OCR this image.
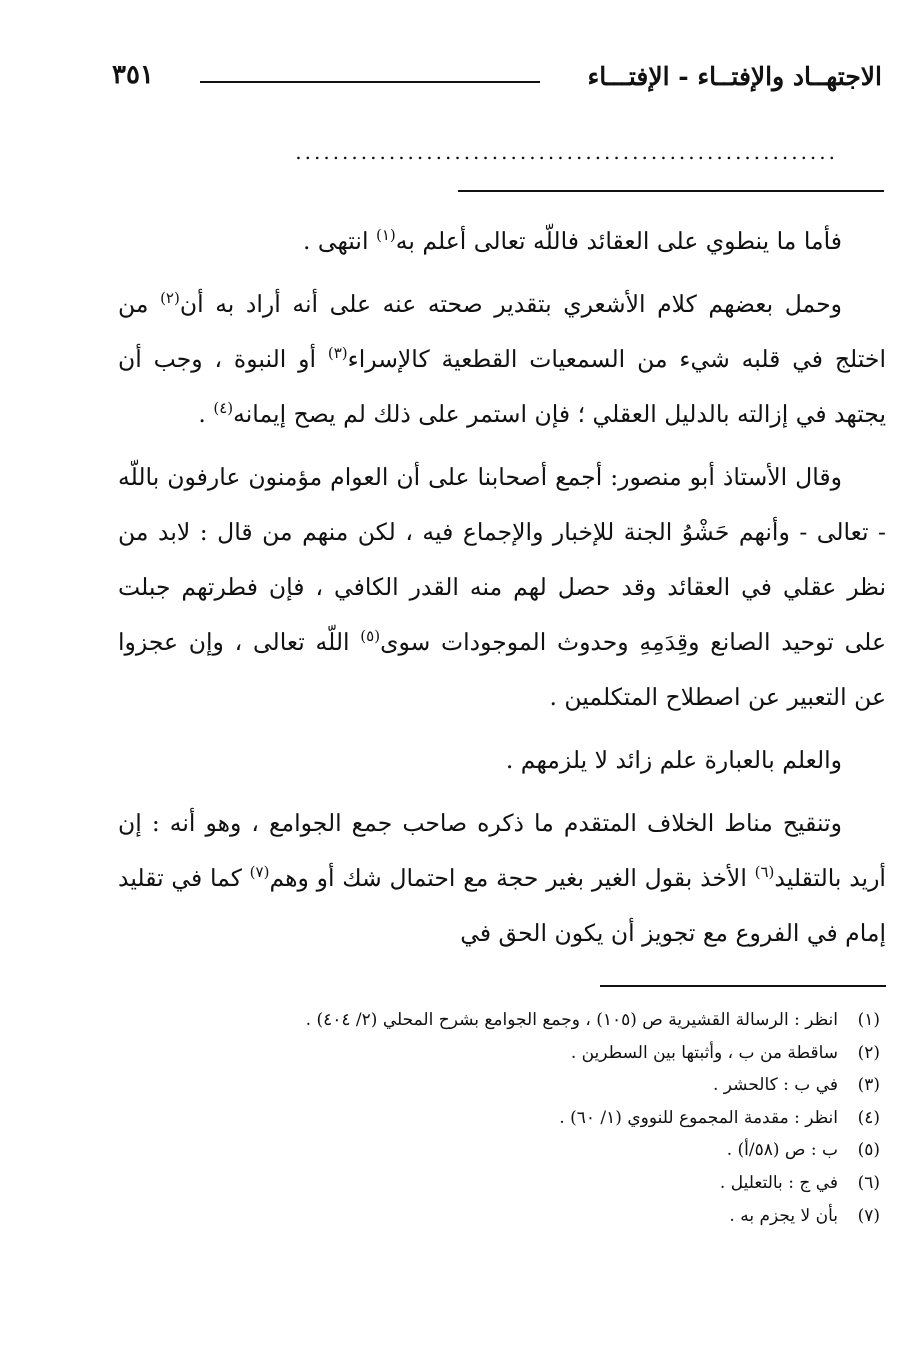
الاجتهــاد والإفتــاء - الإفتـــاء
٣٥١
..........................................................

فأما ما ينطوي على العقائد فاللّه تعالى أعلم به$^{(١)}$ انتهى .

وحمل بعضهم كلام الأشعري بتقدير صحته عنه على أنه أراد به أن$^{(٢)}$ من اختلج في قلبه شيء من السمعيات القطعية كالإسراء$^{(٣)}$ أو النبوة ، وجب أن يجتهد في إزالته بالدليل العقلي ؛ فإن استمر على ذلك لم يصح إيمانه$^{(٤)}$ .

وقال الأستاذ أبو منصور: أجمع أصحابنا على أن العوام مؤمنون عارفون باللّه - تعالى - وأنهم حَشْوُ الجنة للإخبار والإجماع فيه ، لكن منهم من قال : لابد من نظر عقلي في العقائد وقد حصل لهم منه القدر الكافي ، فإن فطرتهم جبلت على توحيد الصانع وقِدَمِهِ وحدوث الموجودات سوى$^{(٥)}$ اللّه تعالى ، وإن عجزوا عن التعبير عن اصطلاح المتكلمين .

والعلم بالعبارة علم زائد لا يلزمهم .

وتنقيح مناط الخلاف المتقدم ما ذكره صاحب جمع الجوامع ، وهو أنه : إن أريد بالتقليد$^{(٦)}$ الأخذ بقول الغير بغير حجة مع احتمال شك أو وهم$^{(٧)}$ كما في تقليد إمام في الفروع مع تجويز أن يكون الحق في

(١)انظر : الرسالة القشيرية ص (١٠٥) ، وجمع الجوامع بشرح المحلي (٢/ ٤٠٤) .
(٢)ساقطة من ب ، وأثبتها بين السطرين .
(٣)في ب : كالحشر .
(٤)انظر : مقدمة المجموع للنووي (١/ ٦٠) .
(٥)ب : ص (٥٨/أ) .
(٦)في ج : بالتعليل .
(٧)بأن لا يجزم به .
